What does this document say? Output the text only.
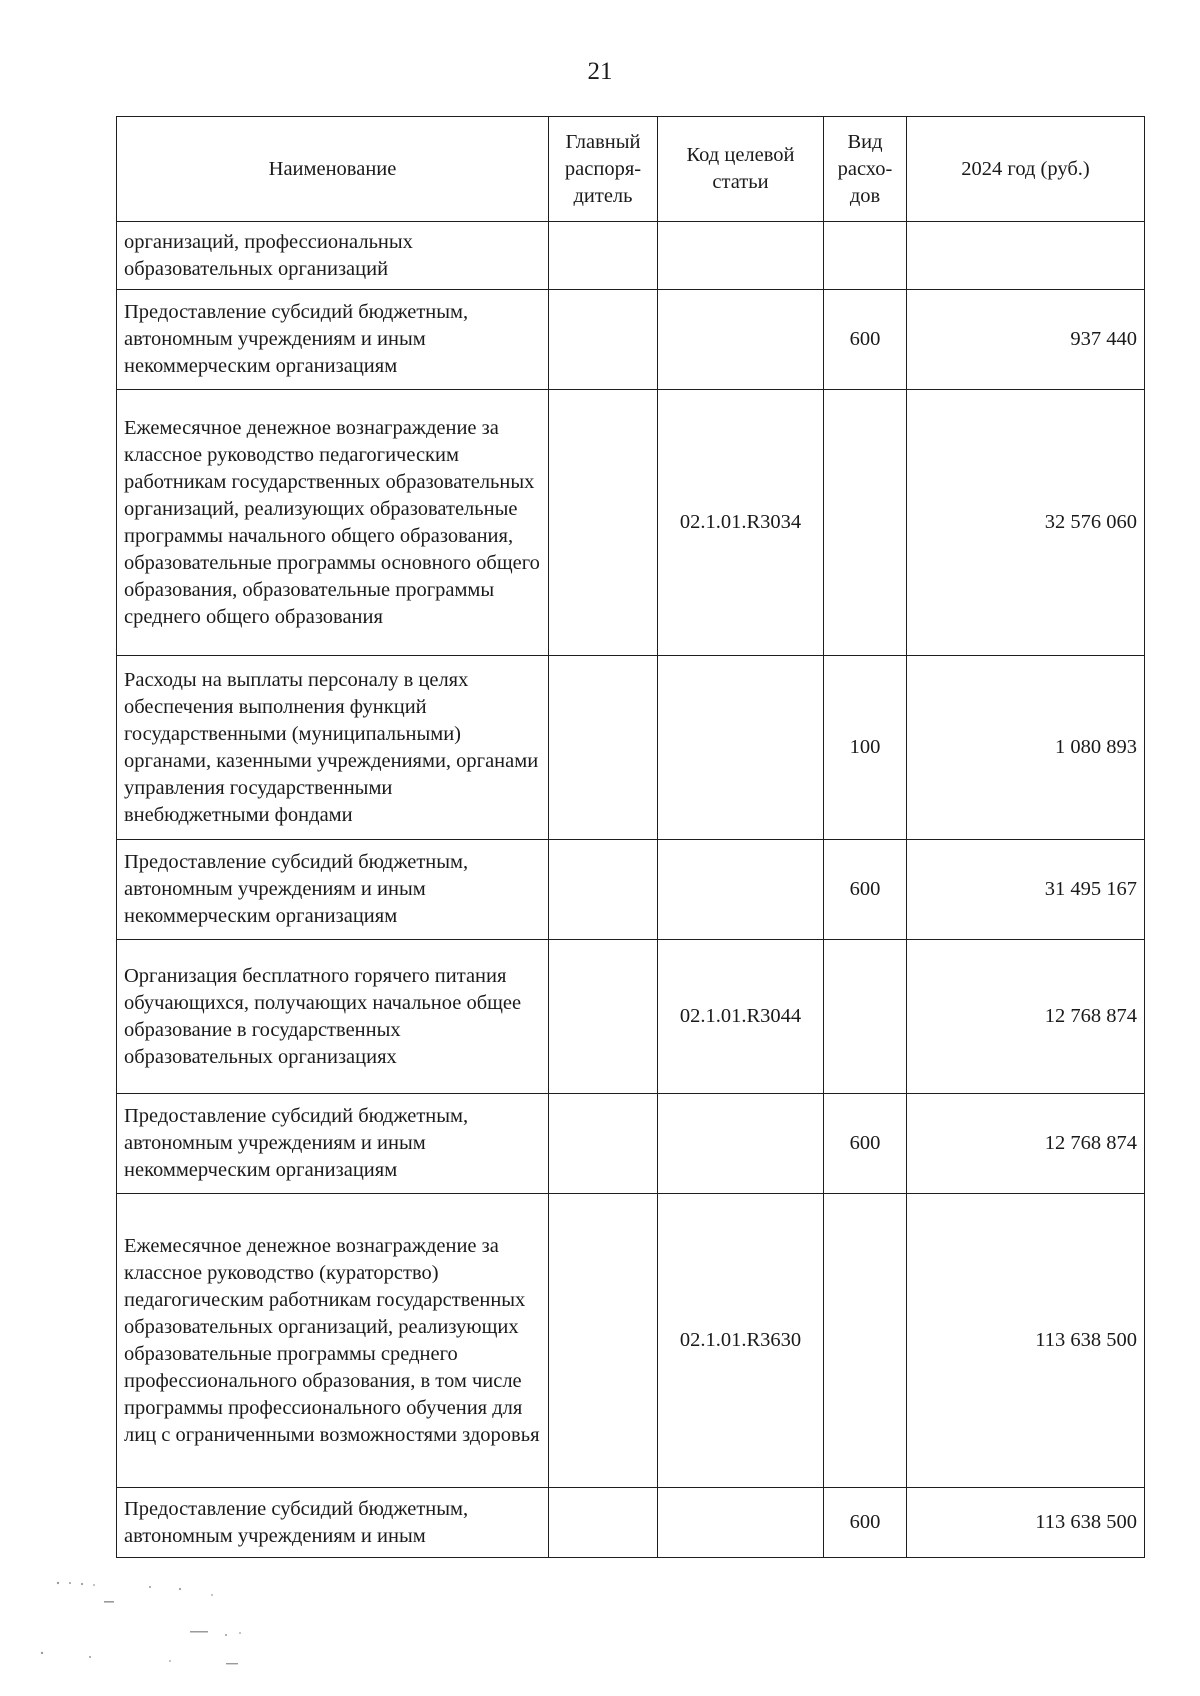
21
Наименование	Главный распоря-дитель	Код целевой статьи	Вид расхо-дов	2024 год (руб.)
организаций, профессиональных образовательных организаций				
Предоставление субсидий бюджетным, автономным учреждениям и иным некоммерческим организациям			600	937 440
Ежемесячное денежное вознаграждение за классное руководство педагогическим работникам государственных образовательных организаций, реализующих образовательные программы начального общего образования, образовательные программы основного общего образования, образовательные программы среднего общего образования		02.1.01.R3034		32 576 060
Расходы на выплаты персоналу в целях обеспечения выполнения функций государственными (муниципальными) органами, казенными учреждениями, органами управления государственными внебюджетными фондами			100	1 080 893
Предоставление субсидий бюджетным, автономным учреждениям и иным некоммерческим организациям			600	31 495 167
Организация бесплатного горячего питания обучающихся, получающих начальное общее образование в государственных образовательных организациях		02.1.01.R3044		12 768 874
Предоставление субсидий бюджетным, автономным учреждениям и иным некоммерческим организациям			600	12 768 874
Ежемесячное денежное вознаграждение за классное руководство (кураторство) педагогическим работникам государственных образовательных организаций, реализующих образовательные программы среднего профессионального образования, в том числе программы профессионального обучения для лиц с ограниченными возможностями здоровья		02.1.01.R3630		113 638 500
Предоставление субсидий бюджетным, автономным учреждениям и иным			600	113 638 500
